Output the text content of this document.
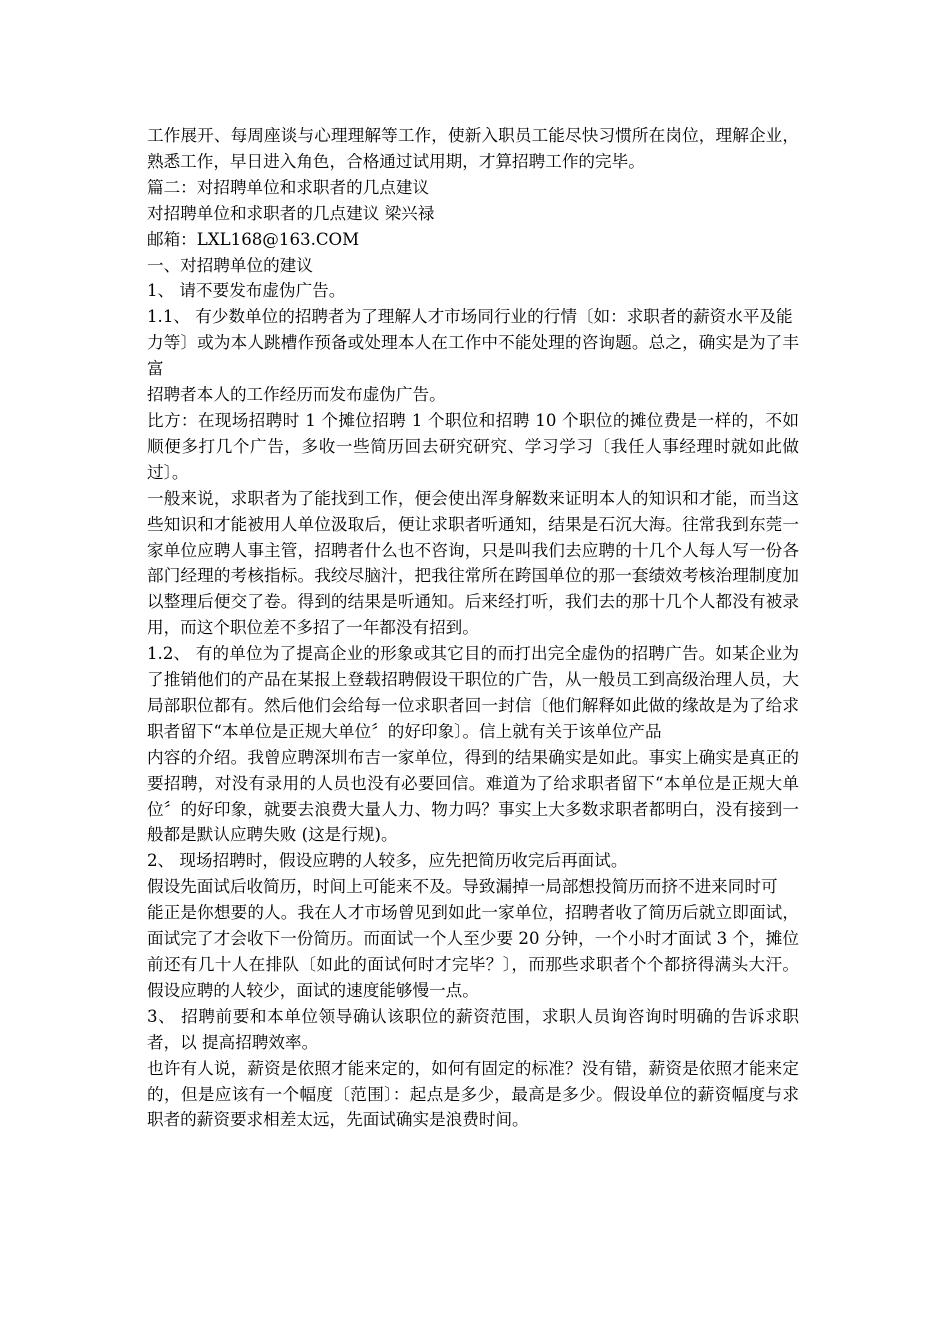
工作展开、每周座谈与心理理解等工作，使新入职员工能尽快习惯所在岗位，理解企业，熟悉工作，早日进入角色，合格通过试用期，才算招聘工作的完毕。

篇二：对招聘单位和求职者的几点建议

对招聘单位和求职者的几点建议 梁兴禄

邮箱：LXL168@163.COM

一、对招聘单位的建议

1、 请不要发布虚伪广告。

1.1、 有少数单位的招聘者为了理解人才市场同行业的行情〔如：求职者的薪资水平及能

力等〕或为本人跳槽作预备或处理本人在工作中不能处理的咨询题。总之，确实是为了丰富

招聘者本人的工作经历而发布虚伪广告。

比方：在现场招聘时 1 个摊位招聘 1 个职位和招聘 10 个职位的摊位费是一样的，不如顺便多打几个广告，多收一些简历回去研究研究、学习学习〔我任人事经理时就如此做过〕。

一般来说，求职者为了能找到工作，便会使出浑身解数来证明本人的知识和才能，而当这些知识和才能被用人单位汲取后，便让求职者听通知，结果是石沉大海。往常我到东莞一家单位应聘人事主管，招聘者什么也不咨询，只是叫我们去应聘的十几个人每人写一份各部门经理的考核指标。我绞尽脑汁，把我往常所在跨国单位的那一套绩效考核治理制度加以整理后便交了卷。得到的结果是听通知。后来经打听，我们去的那十几个人都没有被录用，而这个职位差不多招了一年都没有招到。

1.2、 有的单位为了提高企业的形象或其它目的而打出完全虚伪的招聘广告。如某企业为了推销他们的产品在某报上登载招聘假设干职位的广告，从一般员工到高级治理人员，大局部职位都有。然后他们会给每一位求职者回一封信〔他们解释如此做的缘故是为了给求职者留下“本单位是正规大单位〞的好印象〕。信上就有关于该单位产品

内容的介绍。我曾应聘深圳布吉一家单位，得到的结果确实是如此。事实上确实是真正的要招聘，对没有录用的人员也没有必要回信。难道为了给求职者留下“本单位是正规大单位〞的好印象，就要去浪费大量人力、物力吗？事实上大多数求职者都明白，没有接到一般都是默认应聘失败 (这是行规)。

2、 现场招聘时，假设应聘的人较多，应先把简历收完后再面试。

假设先面试后收简历，时间上可能来不及。导致漏掉一局部想投简历而挤不进来同时可

能正是你想要的人。我在人才市场曾见到如此一家单位，招聘者收了简历后就立即面试，面试完了才会收下一份简历。而面试一个人至少要 20 分钟，一个小时才面试 3 个，摊位前还有几十人在排队〔如此的面试何时才完毕？〕，而那些求职者个个都挤得满头大汗。假设应聘的人较少，面试的速度能够慢一点。

3、 招聘前要和本单位领导确认该职位的薪资范围，求职人员询咨询时明确的告诉求职者，以 提高招聘效率。

也许有人说，薪资是依照才能来定的，如何有固定的标准？没有错，薪资是依照才能来定的，但是应该有一个幅度〔范围〕：起点是多少，最高是多少。假设单位的薪资幅度与求职者的薪资要求相差太远，先面试确实是浪费时间。
